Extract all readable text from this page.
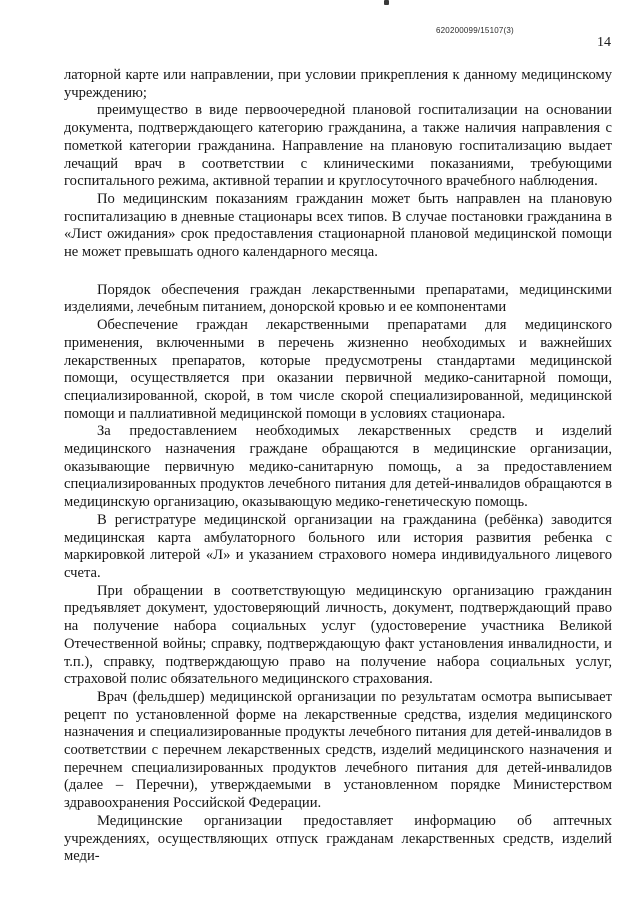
620200099/15107(3)
14

латорной карте или направлении, при условии прикрепления к данному медицинскому учреждению;

преимущество в виде первоочередной плановой госпитализации на основании документа, подтверждающего категорию гражданина, а также наличия направления с пометкой категории гражданина. Направление на плановую госпитализацию выдает лечащий врач в соответствии с клиническими показаниями, требующими госпитального режима, активной терапии и круглосуточного врачебного наблюдения.

По медицинским показаниям гражданин может быть направлен на плановую госпитализацию в дневные стационары всех типов. В случае постановки гражданина в «Лист ожидания» срок предоставления стационарной плановой медицинской помощи не может превышать одного календарного месяца.

Порядок обеспечения граждан лекарственными препаратами, медицинскими изделиями, лечебным питанием, донорской кровью и ее компонентами

Обеспечение граждан лекарственными препаратами для медицинского применения, включенными в перечень жизненно необходимых и важнейших лекарственных препаратов, которые предусмотрены стандартами медицинской помощи, осуществляется при оказании первичной медико-санитарной помощи, специализированной, скорой, в том числе скорой специализированной, медицинской помощи и паллиативной медицинской помощи в условиях стационара.

За предоставлением необходимых лекарственных средств и изделий медицинского назначения граждане обращаются в медицинские организации, оказывающие первичную медико-санитарную помощь, а за предоставлением специализированных продуктов лечебного питания для детей-инвалидов обращаются в медицинскую организацию, оказывающую медико-генетическую помощь.

В регистратуре медицинской организации на гражданина (ребёнка) заводится медицинская карта амбулаторного больного или история развития ребенка с маркировкой литерой «Л» и указанием страхового номера индивидуального лицевого счета.

При обращении в соответствующую медицинскую организацию гражданин предъявляет документ, удостоверяющий личность, документ, подтверждающий право на получение набора социальных услуг (удостоверение участника Великой Отечественной войны; справку, подтверждающую факт установления инвалидности, и т.п.), справку, подтверждающую право на получение набора социальных услуг, страховой полис обязательного медицинского страхования.

Врач (фельдшер) медицинской организации по результатам осмотра выписывает рецепт по установленной форме на лекарственные средства, изделия медицинского назначения и специализированные продукты лечебного питания для детей-инвалидов в соответствии с перечнем лекарственных средств, изделий медицинского назначения и перечнем специализированных продуктов лечебного питания для детей-инвалидов (далее – Перечни), утверждаемыми в установленном порядке Министерством здравоохранения Российской Федерации.

Медицинские организации предоставляет информацию об аптечных учреждениях, осуществляющих отпуск гражданам лекарственных средств, изделий меди-
